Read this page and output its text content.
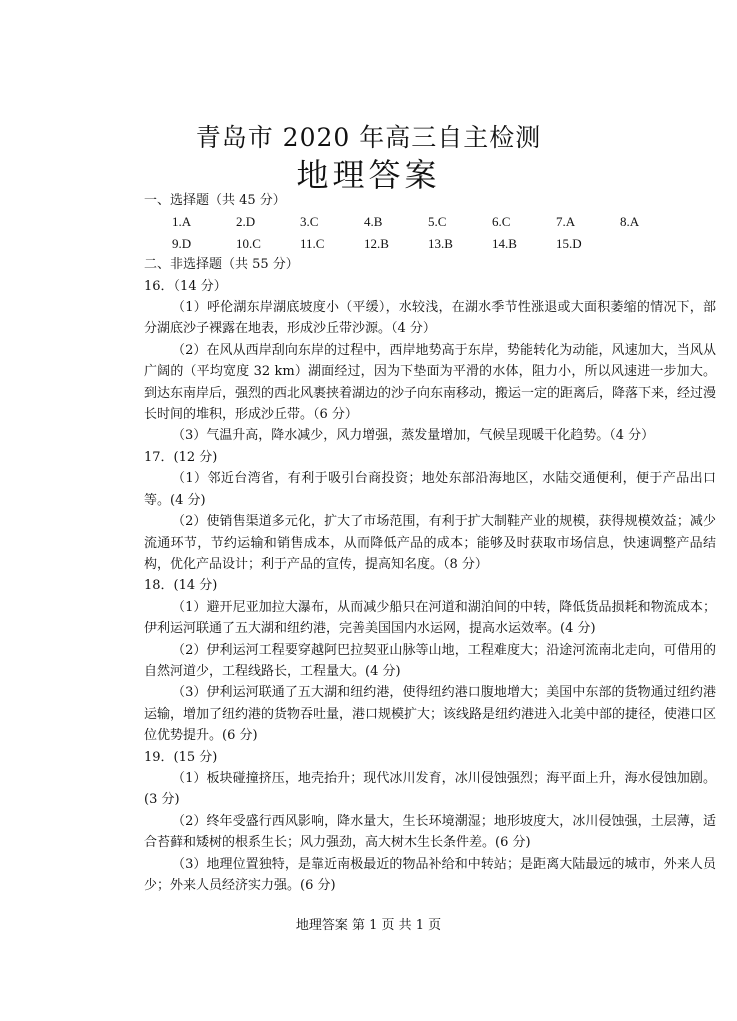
青岛市 2020 年高三自主检测
地理答案
一、选择题（共 45 分）
1.A	2.D	3.C	4.B	5.C	6.C	7.A	8.A
9.D	10.C	11.C	12.B	13.B	14.B	15.D
二、非选择题（共 55 分）
16．（14 分）
（1）呼伦湖东岸湖底坡度小（平缓），水较浅，在湖水季节性涨退或大面积萎缩的情况下，部分湖底沙子裸露在地表，形成沙丘带沙源。（4 分）
（2）在风从西岸刮向东岸的过程中，西岸地势高于东岸，势能转化为动能，风速加大，当风从广阔的（平均宽度 32 km）湖面经过，因为下垫面为平滑的水体，阻力小，所以风速进一步加大。到达东南岸后，强烈的西北风裹挟着湖边的沙子向东南移动，搬运一定的距离后，降落下来，经过漫长时间的堆积，形成沙丘带。（6 分）
（3）气温升高，降水减少，风力增强，蒸发量增加，气候呈现暖干化趋势。（4 分）
17．(12 分)
（1）邻近台湾省，有利于吸引台商投资；地处东部沿海地区，水陆交通便利，便于产品出口等。(4 分)
（2）使销售渠道多元化，扩大了市场范围，有利于扩大制鞋产业的规模，获得规模效益；减少流通环节，节约运输和销售成本，从而降低产品的成本；能够及时获取市场信息，快速调整产品结构，优化产品设计；利于产品的宣传，提高知名度。（8 分）
18．(14 分)
（1）避开尼亚加拉大瀑布，从而减少船只在河道和湖泊间的中转，降低货品损耗和物流成本；伊利运河联通了五大湖和纽约港，完善美国国内水运网，提高水运效率。(4 分)
（2）伊利运河工程要穿越阿巴拉契亚山脉等山地，工程难度大；沿途河流南北走向，可借用的自然河道少，工程线路长，工程量大。(4 分)
（3）伊利运河联通了五大湖和纽约港，使得纽约港口腹地增大；美国中东部的货物通过纽约港运输，增加了纽约港的货物吞吐量，港口规模扩大；该线路是纽约港进入北美中部的捷径，使港口区位优势提升。(6 分)
19．(15 分)
（1）板块碰撞挤压，地壳抬升；现代冰川发育，冰川侵蚀强烈；海平面上升，海水侵蚀加剧。(3 分)
（2）终年受盛行西风影响，降水量大，生长环境潮湿；地形坡度大，冰川侵蚀强，土层薄，适合苔藓和矮树的根系生长；风力强劲，高大树木生长条件差。(6 分)
（3）地理位置独特，是靠近南极最近的物品补给和中转站；是距离大陆最远的城市，外来人员少；外来人员经济实力强。(6 分)
地理答案 第 1 页 共 1 页
